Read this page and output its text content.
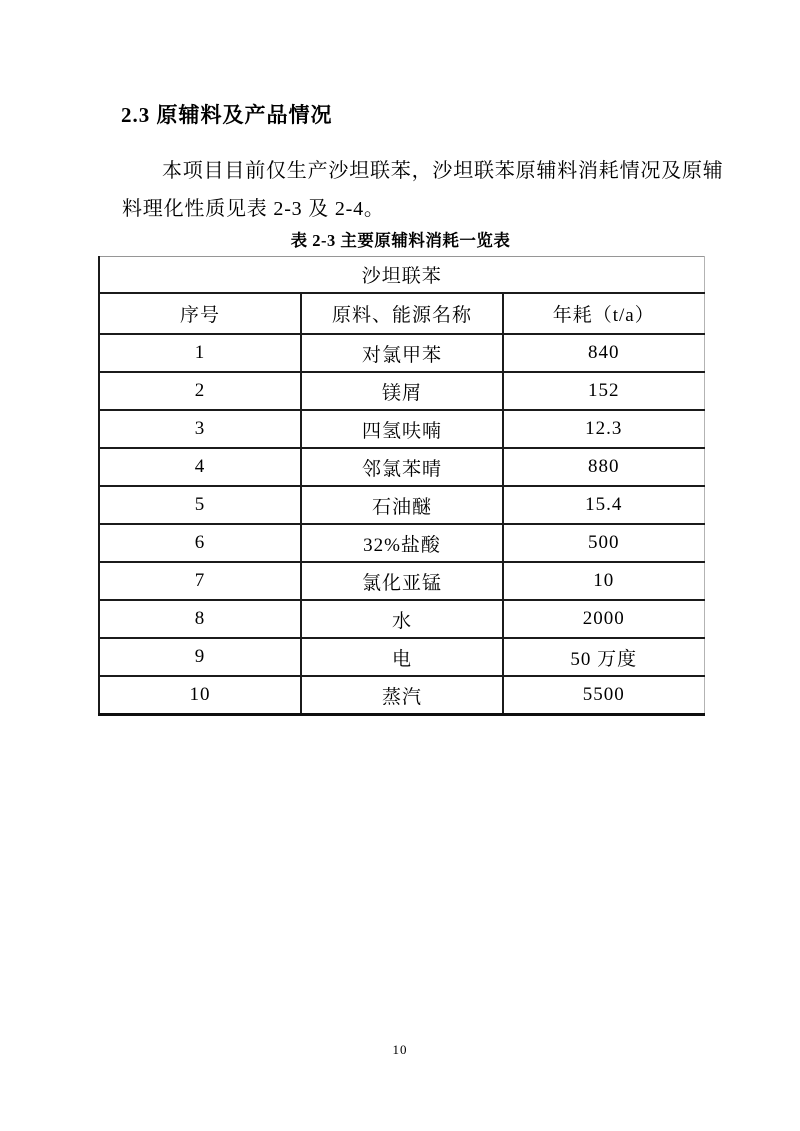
2.3 原辅料及产品情况
本项目目前仅生产沙坦联苯，沙坦联苯原辅料消耗情况及原辅
料理化性质见表 2-3 及 2-4。
表 2-3 主要原辅料消耗一览表
沙坦联苯		
序号	原料、能源名称	年耗（t/a）
1	对氯甲苯	840
2	镁屑	152
3	四氢呋喃	12.3
4	邻氯苯晴	880
5	石油醚	15.4
6	32%盐酸	500
7	氯化亚锰	10
8	水	2000
9	电	50 万度
10	蒸汽	5500
10
